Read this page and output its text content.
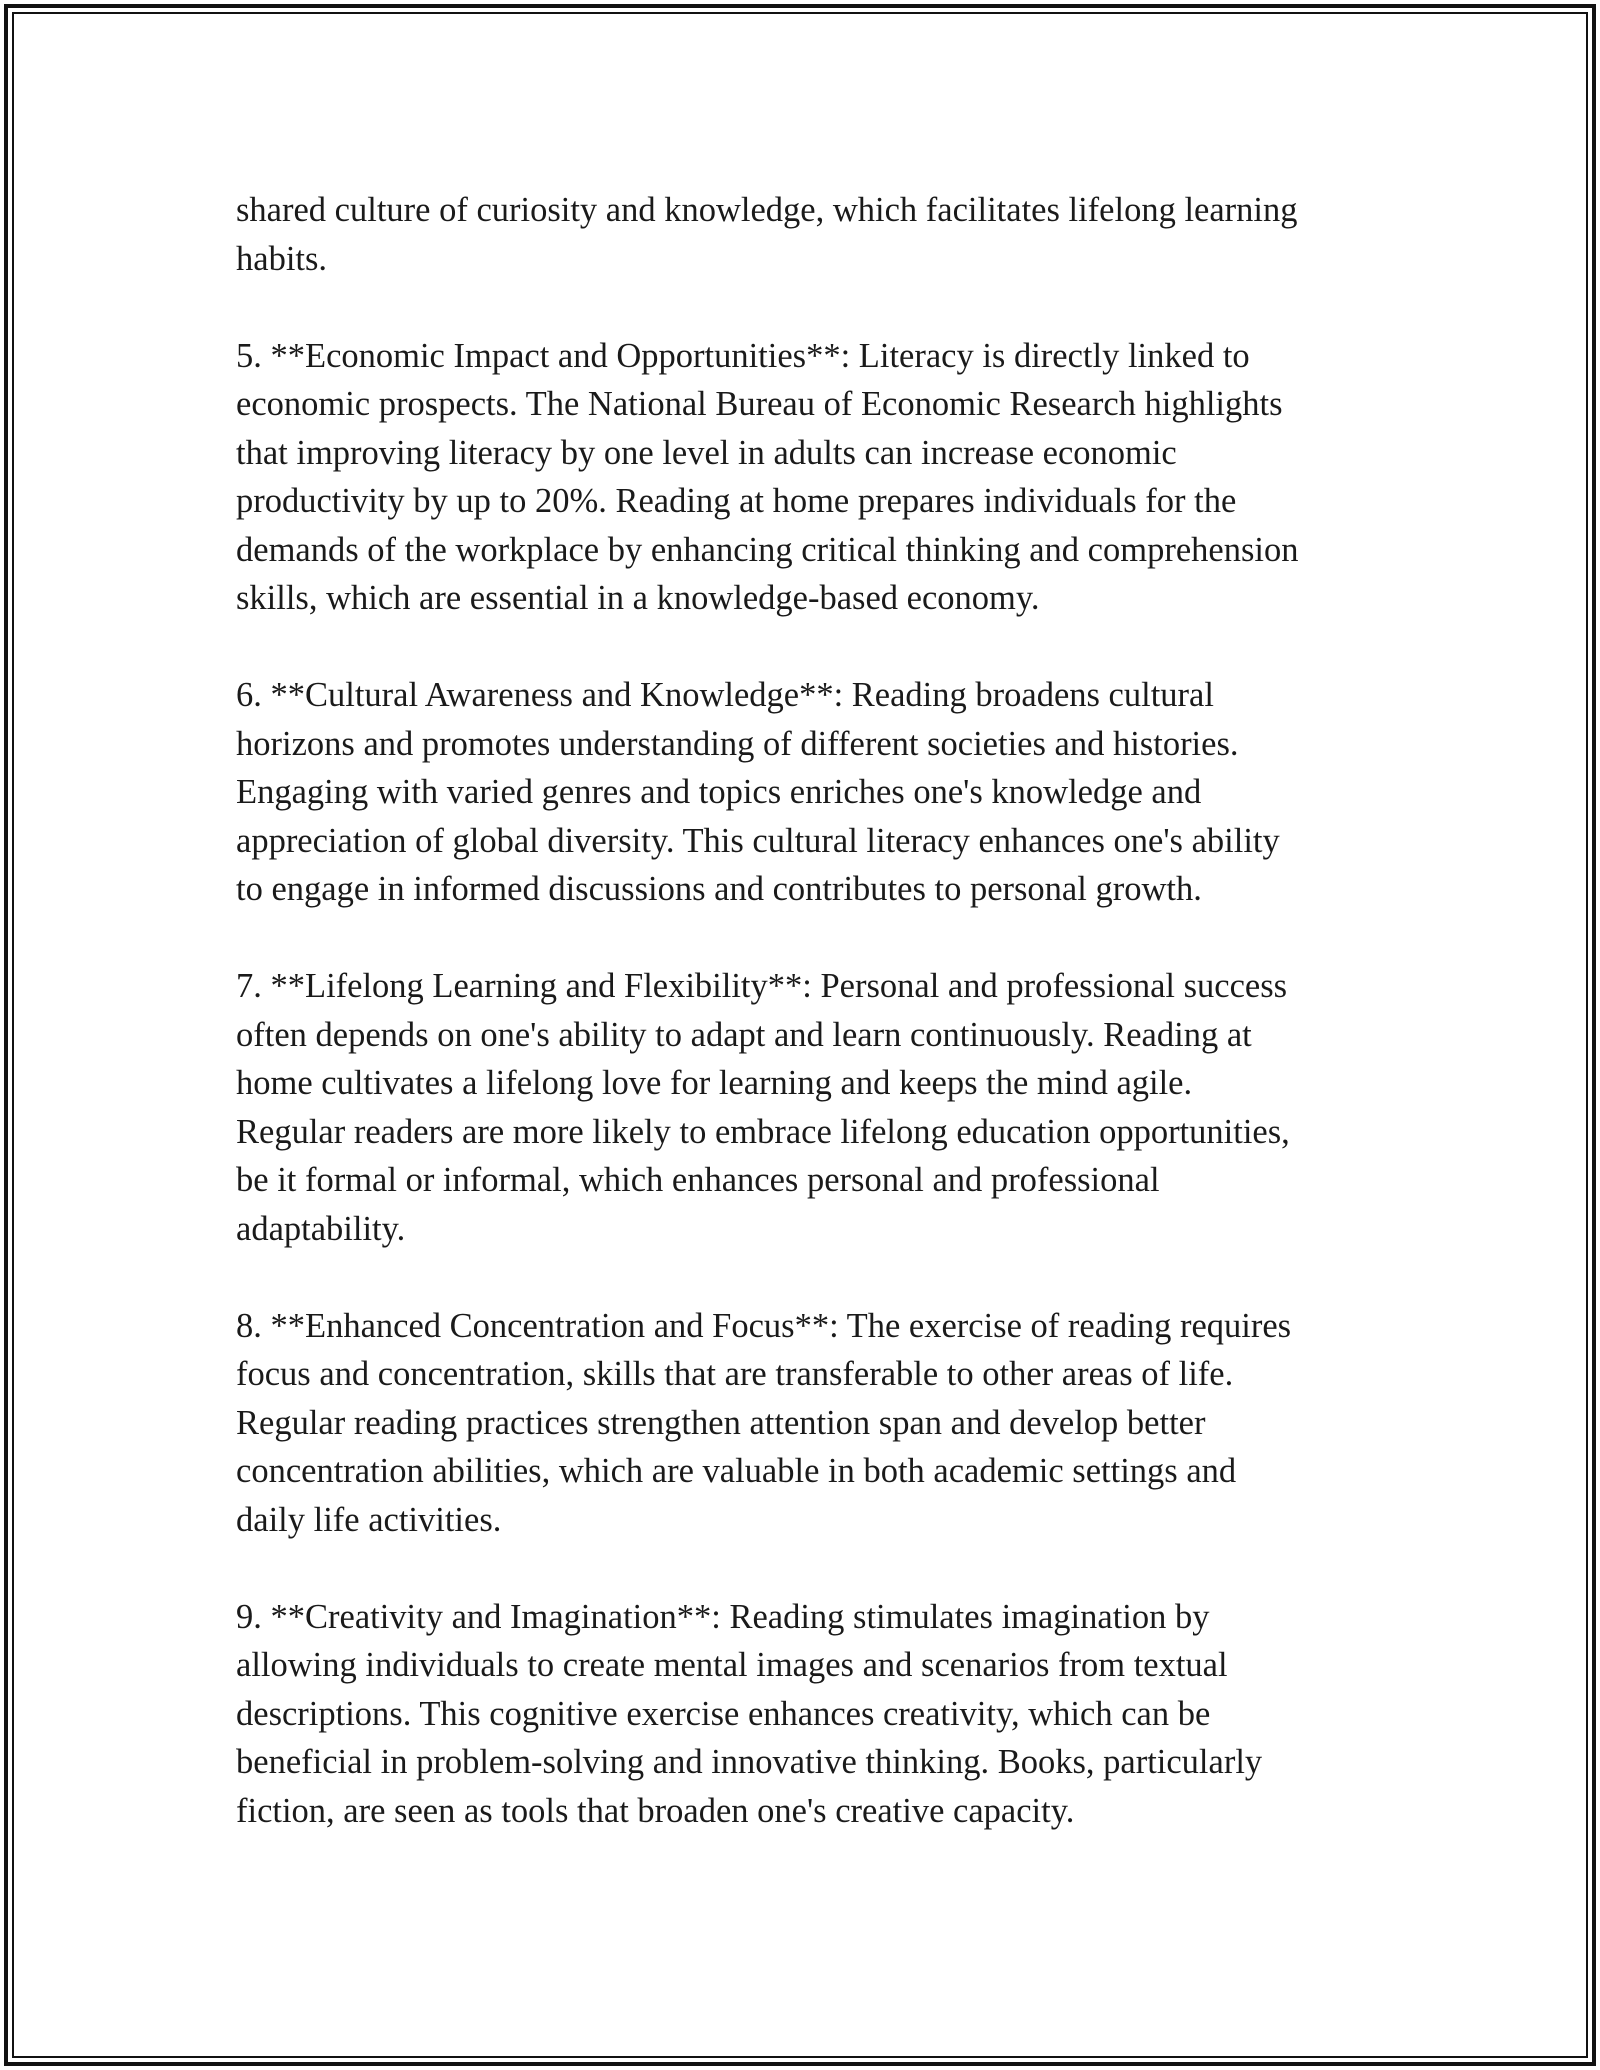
shared culture of curiosity and knowledge, which facilitates lifelong learning
habits.

5. **Economic Impact and Opportunities**: Literacy is directly linked to
economic prospects. The National Bureau of Economic Research highlights
that improving literacy by one level in adults can increase economic
productivity by up to 20%. Reading at home prepares individuals for the
demands of the workplace by enhancing critical thinking and comprehension
skills, which are essential in a knowledge-based economy.

6. **Cultural Awareness and Knowledge**: Reading broadens cultural
horizons and promotes understanding of different societies and histories.
Engaging with varied genres and topics enriches one's knowledge and
appreciation of global diversity. This cultural literacy enhances one's ability
to engage in informed discussions and contributes to personal growth.

7. **Lifelong Learning and Flexibility**: Personal and professional success
often depends on one's ability to adapt and learn continuously. Reading at
home cultivates a lifelong love for learning and keeps the mind agile.
Regular readers are more likely to embrace lifelong education opportunities,
be it formal or informal, which enhances personal and professional
adaptability.

8. **Enhanced Concentration and Focus**: The exercise of reading requires
focus and concentration, skills that are transferable to other areas of life.
Regular reading practices strengthen attention span and develop better
concentration abilities, which are valuable in both academic settings and
daily life activities.

9. **Creativity and Imagination**: Reading stimulates imagination by
allowing individuals to create mental images and scenarios from textual
descriptions. This cognitive exercise enhances creativity, which can be
beneficial in problem-solving and innovative thinking. Books, particularly
fiction, are seen as tools that broaden one's creative capacity.
